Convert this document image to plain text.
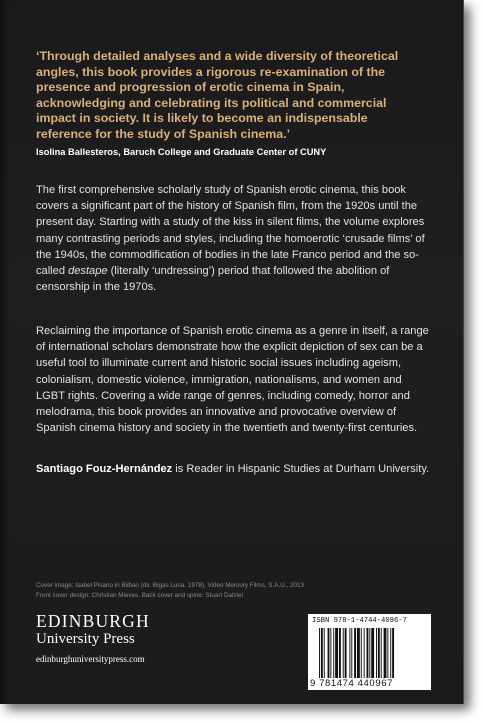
‘Through detailed analyses and a wide diversity of theoretical angles, this book provides a rigorous re-examination of the presence and progression of erotic cinema in Spain, acknowledging and celebrating its political and commercial impact in society. It is likely to become an indispensable reference for the study of Spanish cinema.’

Isolina Ballesteros, Baruch College and Graduate Center of CUNY

The first comprehensive scholarly study of Spanish erotic cinema, this book covers a significant part of the history of Spanish film, from the 1920s until the present day. Starting with a study of the kiss in silent films, the volume explores many contrasting periods and styles, including the homoerotic ‘crusade films’ of the 1940s, the commodification of bodies in the late Franco period and the so-called destape (literally ‘undressing’) period that followed the abolition of censorship in the 1970s.

Reclaiming the importance of Spanish erotic cinema as a genre in itself, a range of international scholars demonstrate how the explicit depiction of sex can be a useful tool to illuminate current and historic social issues including ageism, colonialism, domestic violence, immigration, nationalisms, and women and LGBT rights. Covering a wide range of genres, including comedy, horror and melodrama, this book provides an innovative and provocative overview of Spanish cinema history and society in the twentieth and twenty-first centuries.

Santiago Fouz-Hernández is Reader in Hispanic Studies at Durham University.

Cover image: Isabel Pisano in Bilbao (dir. Bigas Luna, 1978), Video Mercury Films, S.A.U., 2013

Front cover design: Christian Mieves. Back cover and spine: Stuart Dalziel

EDINBURGH
University Press
edinburghuniversitypress.com
ISBN 978-1-4744-4096-7
9 781474 440967
